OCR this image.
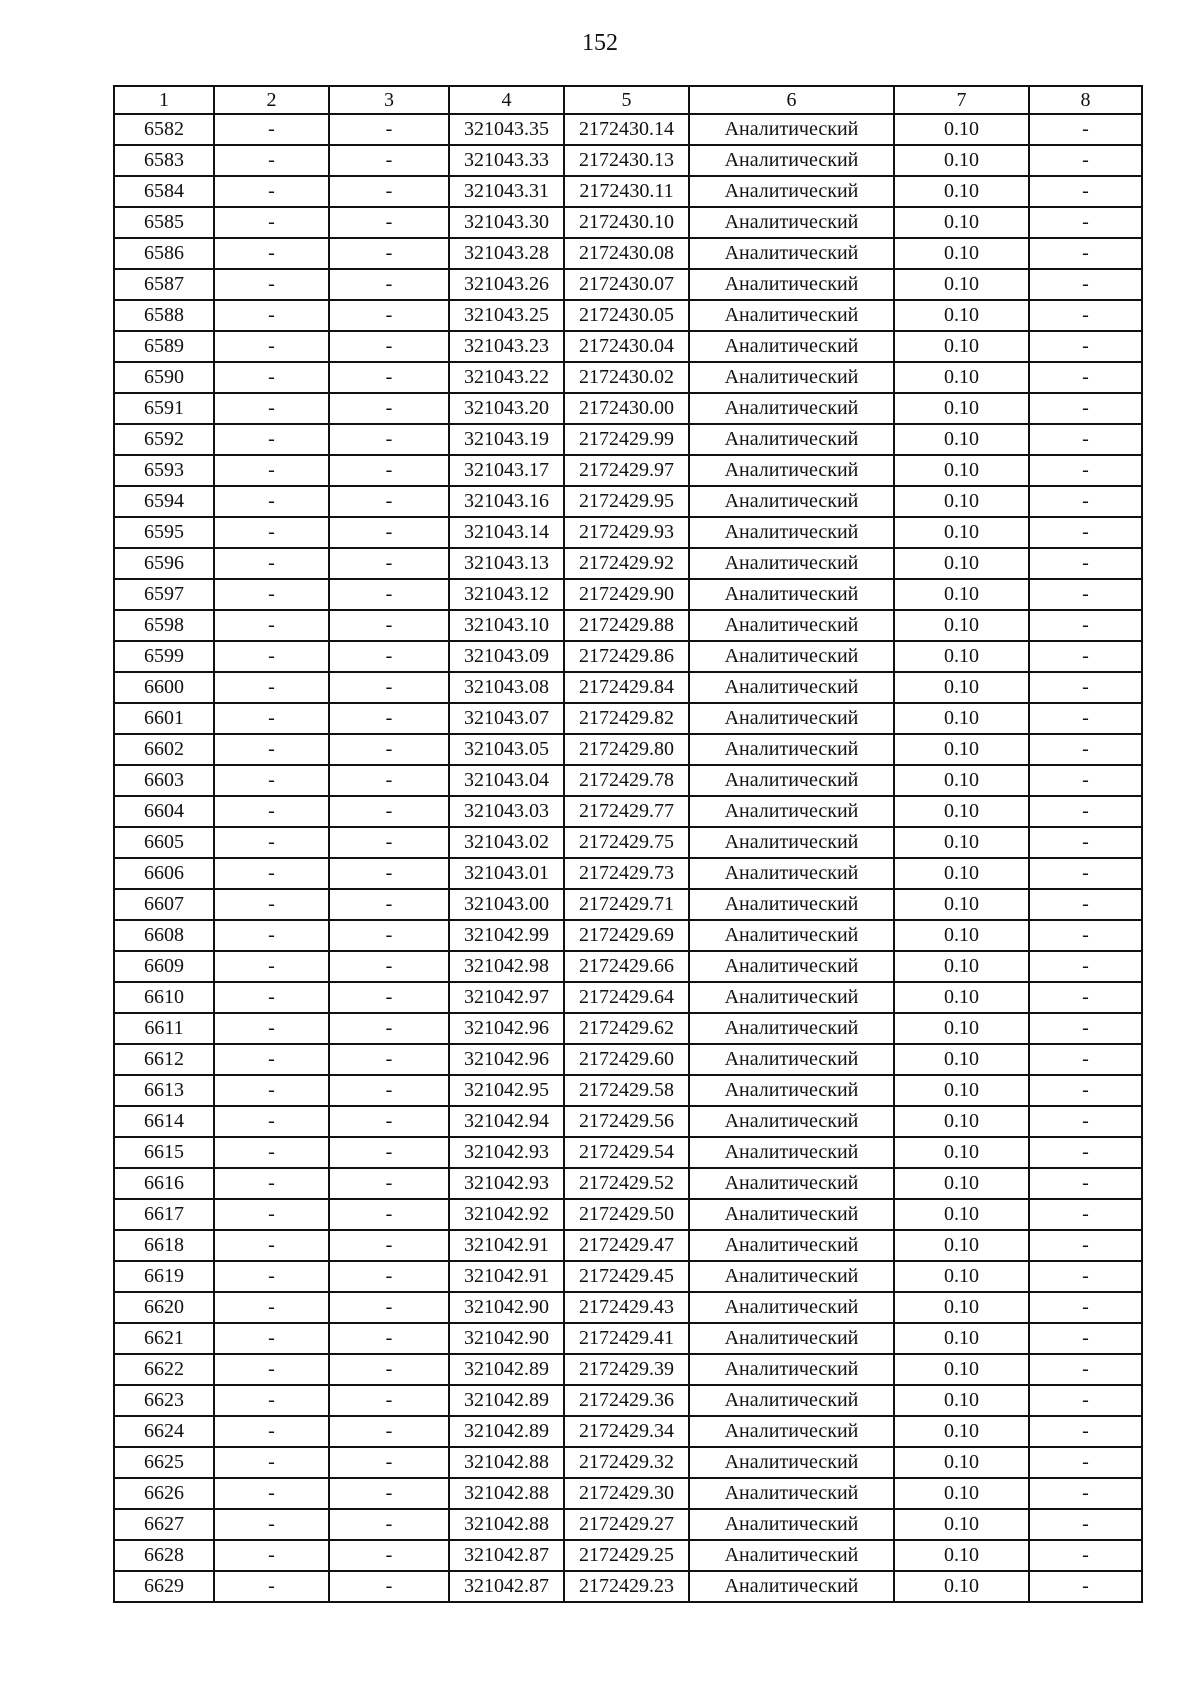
152
1	2	3	4	5	6	7	8
6582	-	-	321043.35	2172430.14	Аналитический	0.10	-
6583	-	-	321043.33	2172430.13	Аналитический	0.10	-
6584	-	-	321043.31	2172430.11	Аналитический	0.10	-
6585	-	-	321043.30	2172430.10	Аналитический	0.10	-
6586	-	-	321043.28	2172430.08	Аналитический	0.10	-
6587	-	-	321043.26	2172430.07	Аналитический	0.10	-
6588	-	-	321043.25	2172430.05	Аналитический	0.10	-
6589	-	-	321043.23	2172430.04	Аналитический	0.10	-
6590	-	-	321043.22	2172430.02	Аналитический	0.10	-
6591	-	-	321043.20	2172430.00	Аналитический	0.10	-
6592	-	-	321043.19	2172429.99	Аналитический	0.10	-
6593	-	-	321043.17	2172429.97	Аналитический	0.10	-
6594	-	-	321043.16	2172429.95	Аналитический	0.10	-
6595	-	-	321043.14	2172429.93	Аналитический	0.10	-
6596	-	-	321043.13	2172429.92	Аналитический	0.10	-
6597	-	-	321043.12	2172429.90	Аналитический	0.10	-
6598	-	-	321043.10	2172429.88	Аналитический	0.10	-
6599	-	-	321043.09	2172429.86	Аналитический	0.10	-
6600	-	-	321043.08	2172429.84	Аналитический	0.10	-
6601	-	-	321043.07	2172429.82	Аналитический	0.10	-
6602	-	-	321043.05	2172429.80	Аналитический	0.10	-
6603	-	-	321043.04	2172429.78	Аналитический	0.10	-
6604	-	-	321043.03	2172429.77	Аналитический	0.10	-
6605	-	-	321043.02	2172429.75	Аналитический	0.10	-
6606	-	-	321043.01	2172429.73	Аналитический	0.10	-
6607	-	-	321043.00	2172429.71	Аналитический	0.10	-
6608	-	-	321042.99	2172429.69	Аналитический	0.10	-
6609	-	-	321042.98	2172429.66	Аналитический	0.10	-
6610	-	-	321042.97	2172429.64	Аналитический	0.10	-
6611	-	-	321042.96	2172429.62	Аналитический	0.10	-
6612	-	-	321042.96	2172429.60	Аналитический	0.10	-
6613	-	-	321042.95	2172429.58	Аналитический	0.10	-
6614	-	-	321042.94	2172429.56	Аналитический	0.10	-
6615	-	-	321042.93	2172429.54	Аналитический	0.10	-
6616	-	-	321042.93	2172429.52	Аналитический	0.10	-
6617	-	-	321042.92	2172429.50	Аналитический	0.10	-
6618	-	-	321042.91	2172429.47	Аналитический	0.10	-
6619	-	-	321042.91	2172429.45	Аналитический	0.10	-
6620	-	-	321042.90	2172429.43	Аналитический	0.10	-
6621	-	-	321042.90	2172429.41	Аналитический	0.10	-
6622	-	-	321042.89	2172429.39	Аналитический	0.10	-
6623	-	-	321042.89	2172429.36	Аналитический	0.10	-
6624	-	-	321042.89	2172429.34	Аналитический	0.10	-
6625	-	-	321042.88	2172429.32	Аналитический	0.10	-
6626	-	-	321042.88	2172429.30	Аналитический	0.10	-
6627	-	-	321042.88	2172429.27	Аналитический	0.10	-
6628	-	-	321042.87	2172429.25	Аналитический	0.10	-
6629	-	-	321042.87	2172429.23	Аналитический	0.10	-
